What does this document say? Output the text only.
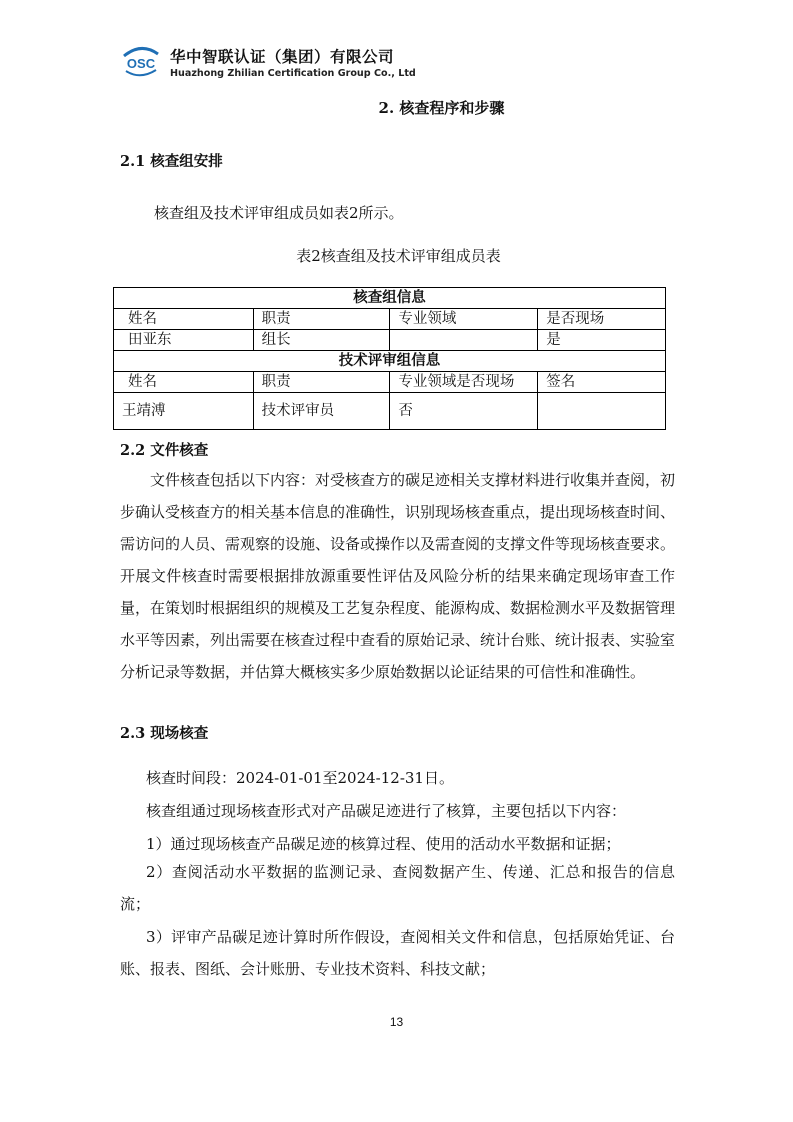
OSC 华中智联认证（集团）有限公司
Huazhong Zhilian Certification Group Co., Ltd
2. 核查程序和步骤
2.1 核查组安排
核查组及技术评审组成员如表2所示。
表2核查组及技术评审组成员表
核查组信息			
姓名	职责	专业领域	是否现场
田亚东	组长		是
技术评审组信息			
姓名	职责	专业领域是否现场	签名
王靖溥	技术评审员	否	
2.2 文件核查
文件核查包括以下内容：对受核查方的碳足迹相关支撑材料进行收集并查阅，初步确认受核查方的相关基本信息的准确性，识别现场核查重点，提出现场核查时间、需访问的人员、需观察的设施、设备或操作以及需查阅的支撑文件等现场核查要求。开展文件核查时需要根据排放源重要性评估及风险分析的结果来确定现场审查工作量，在策划时根据组织的规模及工艺复杂程度、能源构成、数据检测水平及数据管理水平等因素，列出需要在核查过程中查看的原始记录、统计台账、统计报表、实验室分析记录等数据，并估算大概核实多少原始数据以论证结果的可信性和准确性。
2.3 现场核查
核查时间段：2024-01-01至2024-12-31日。
核查组通过现场核查形式对产品碳足迹进行了核算，主要包括以下内容：
1）通过现场核查产品碳足迹的核算过程、使用的活动水平数据和证据；
2）查阅活动水平数据的监测记录、查阅数据产生、传递、汇总和报告的信息流；
3）评审产品碳足迹计算时所作假设，查阅相关文件和信息，包括原始凭证、台账、报表、图纸、会计账册、专业技术资料、科技文献；
13
